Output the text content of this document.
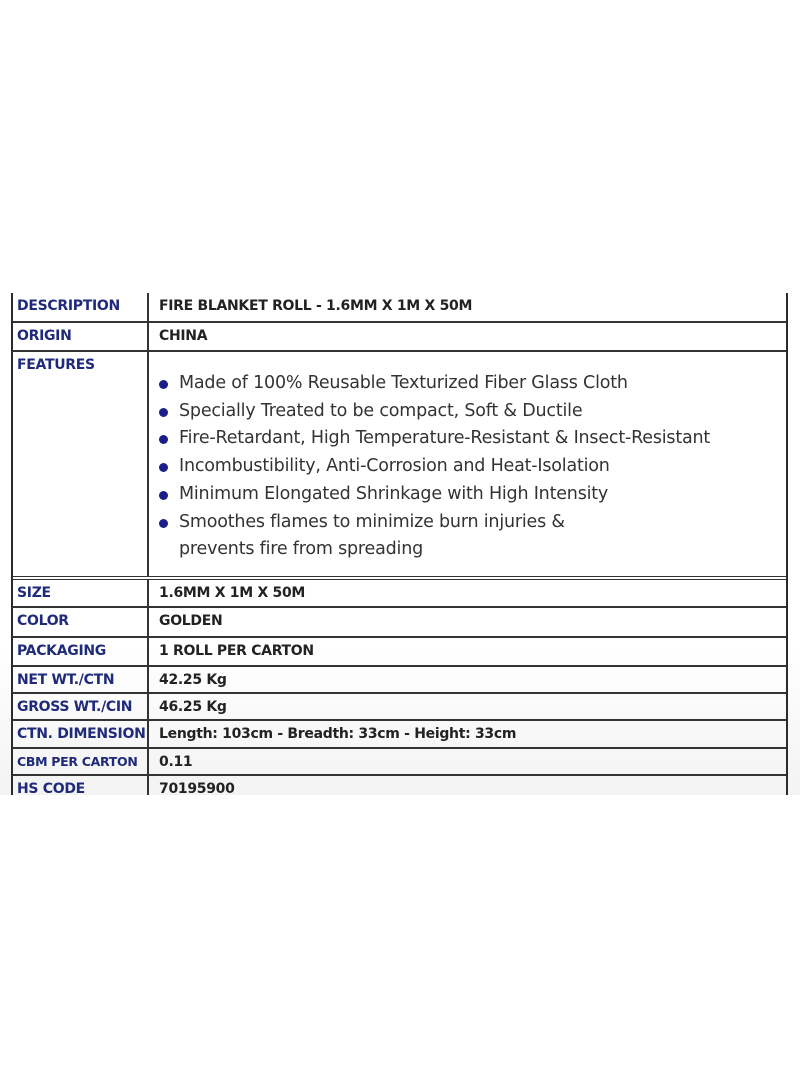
DESCRIPTION	FIRE BLANKET ROLL - 1.6MM X 1M X 50M
ORIGIN	CHINA
FEATURES
Made of 100% Reusable Texturized Fiber Glass Cloth
Specially Treated to be compact, Soft & Ductile
Fire-Retardant, High Temperature-Resistant & Insect-Resistant
Incombustibility, Anti-Corrosion and Heat-Isolation
Minimum Elongated Shrinkage with High Intensity
Smoothes flames to minimize burn injuries & prevents fire from spreading
SIZE	1.6MM X 1M X 50M
COLOR	GOLDEN
PACKAGING	1 ROLL PER CARTON
NET WT./CTN	42.25 Kg
GROSS WT./CIN	46.25 Kg
CTN. DIMENSION Length: 103cm - Breadth: 33cm - Height: 33cm
CBM PER CARTON	0.11
HS CODE	70195900
